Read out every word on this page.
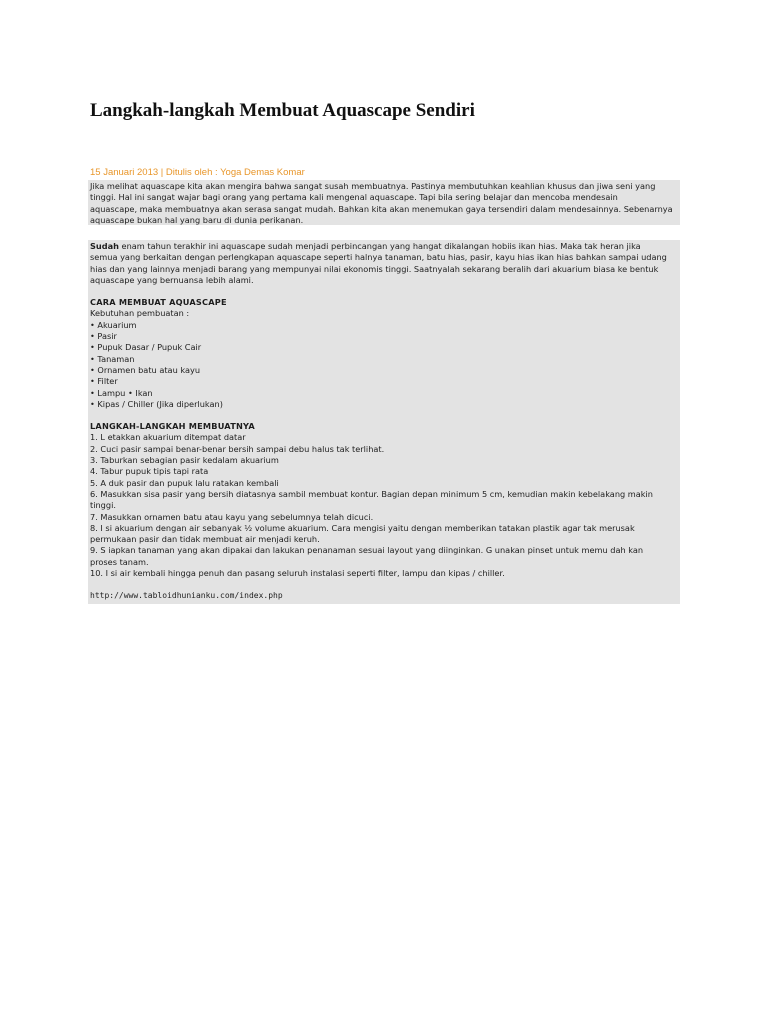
Langkah-langkah Membuat Aquascape Sendiri
15 Januari 2013 | Ditulis oleh : Yoga Demas Komar

Jika melihat aquascape kita akan mengira bahwa sangat susah membuatnya. Pastinya membutuhkan keahlian khusus dan jiwa seni yang

tinggi. Hal ini sangat wajar bagi orang yang pertama kali mengenal aquascape. Tapi bila sering belajar dan mencoba mendesain

aquascape, maka membuatnya akan serasa sangat mudah. Bahkan kita akan menemukan gaya tersendiri dalam mendesainnya. Sebenarnya

aquascape bukan hal yang baru di dunia perikanan.

Sudah enam tahun terakhir ini aquascape sudah menjadi perbincangan yang hangat dikalangan hobiis ikan hias. Maka tak heran jika

semua yang berkaitan dengan perlengkapan aquascape seperti halnya tanaman, batu hias, pasir, kayu hias ikan hias bahkan sampai udang

hias dan yang lainnya menjadi barang yang mempunyai nilai ekonomis tinggi. Saatnyalah sekarang beralih dari akuarium biasa ke bentuk

aquascape yang bernuansa lebih alami.

CARA MEMBUAT AQUASCAPE

Kebutuhan pembuatan :

• Akuarium

• Pasir

• Pupuk Dasar / Pupuk Cair

• Tanaman

• Ornamen batu atau kayu

• Filter

• Lampu • Ikan

• Kipas / Chiller (Jika diperlukan)

LANGKAH-LANGKAH MEMBUATNYA

1. L etakkan akuarium ditempat datar

2. Cuci pasir sampai benar-benar bersih sampai debu halus tak terlihat.

3. Taburkan sebagian pasir kedalam akuarium

4. Tabur pupuk tipis tapi rata

5. A duk pasir dan pupuk lalu ratakan kembali

6. Masukkan sisa pasir yang bersih diatasnya sambil membuat kontur. Bagian depan minimum 5 cm, kemudian makin kebelakang makin

tinggi.

7. Masukkan ornamen batu atau kayu yang sebelumnya telah dicuci.

8. I si akuarium dengan air sebanyak ½ volume akuarium. Cara mengisi yaitu dengan memberikan tatakan plastik agar tak merusak

permukaan pasir dan tidak membuat air menjadi keruh.

9. S iapkan tanaman yang akan dipakai dan lakukan penanaman sesuai layout yang diinginkan. G unakan pinset untuk memu dah kan

proses tanam.

10. I si air kembali hingga penuh dan pasang seluruh instalasi seperti filter, lampu dan kipas / chiller.

http://www.tabloidhunianku.com/index.php
